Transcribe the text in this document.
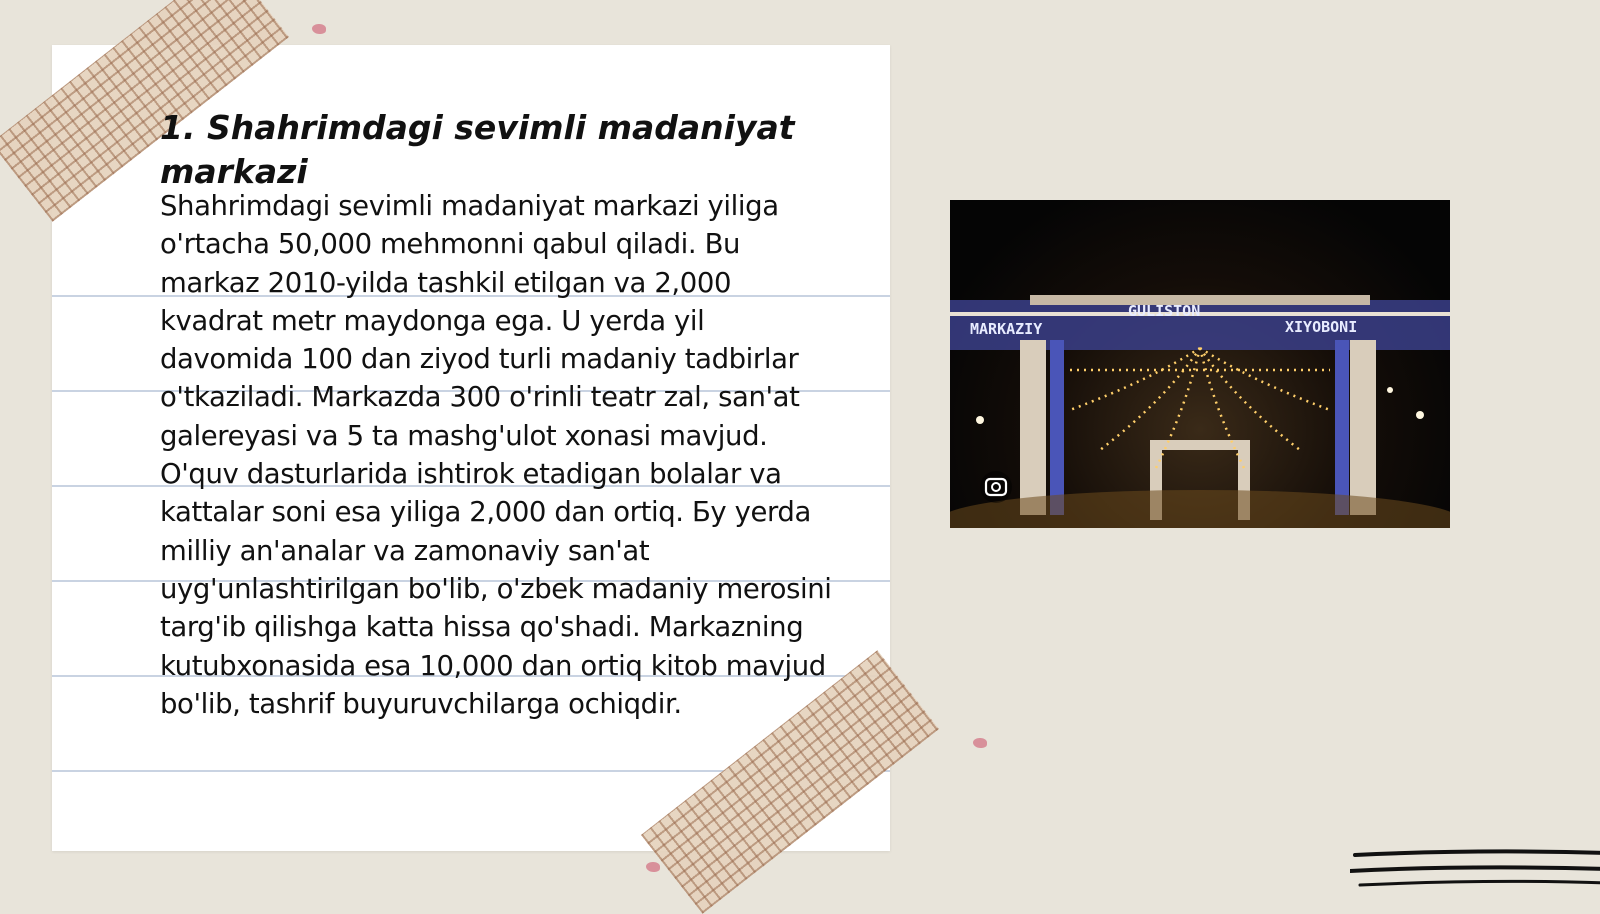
1. Shahrimdagi sevimli madaniyat markazi

Shahrimdagi sevimli madaniyat markazi yiliga o'rtacha 50,000 mehmonni qabul qiladi. Bu markaz 2010-yilda tashkil etilgan va 2,000 kvadrat metr maydonga ega. U yerda yil davomida 100 dan ziyod turli madaniy tadbirlar o'tkaziladi. Markazda 300 o'rinli teatr zal, san'at galereyasi va 5 ta mashg'ulot xonasi mavjud. O'quv dasturlarida ishtirok etadigan bolalar va kattalar soni esa yiliga 2,000 dan ortiq. Бу yerda milliy an'analar va zamonaviy san'at uyg'unlashtirilgan bo'lib, o'zbek madaniy merosini targ'ib qilishga katta hissa qo'shadi. Markazning kutubxonasida esa 10,000 dan ortiq kitob mavjud bo'lib, tashrif buyuruvchilarga ochiqdir.

MARKAZIY
GULISTON
XIYOBONI
